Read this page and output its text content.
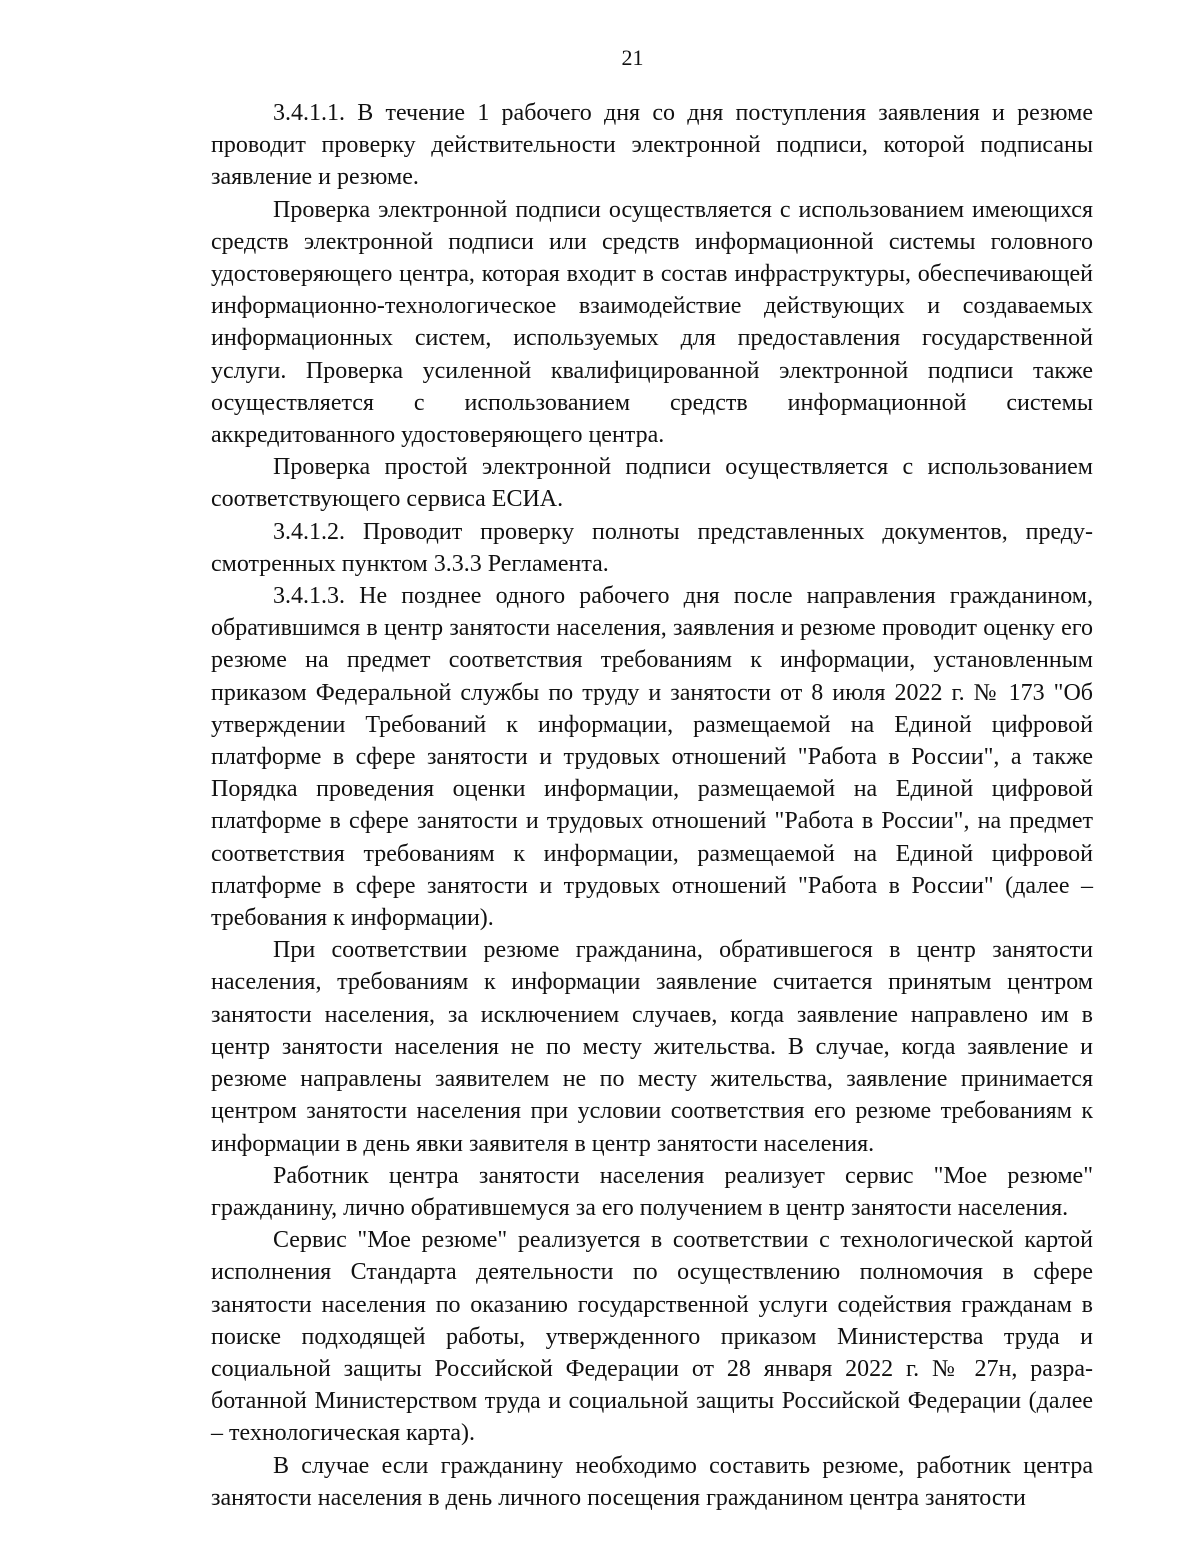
21

3.4.1.1. В течение 1 рабочего дня со дня поступления заявления и резюме проводит проверку действительности электронной подписи, которой подписаны заявление и резюме.

Проверка электронной подписи осуществляется с использованием имеющихся средств электронной подписи или средств информационной системы головного удостоверяющего центра, которая входит в состав инфраструктуры, обеспечивающей информационно-технологическое взаимодействие действующих и создаваемых информационных систем, используемых для предоставления государственной услуги. Проверка усиленной квалифицированной электронной подписи также осуществляется с использованием средств информационной системы аккредитованного удостоверяющего центра.

Проверка простой электронной подписи осуществляется с использованием соответствующего сервиса ЕСИА.

3.4.1.2. Проводит проверку полноты представленных документов, предусмотренных пунктом 3.3.3 Регламента.

3.4.1.3. Не позднее одного рабочего дня после направления гражданином, обратившимся в центр занятости населения, заявления и резюме проводит оценку его резюме на предмет соответствия требованиям к информации, установленным приказом Федеральной службы по труду и занятости от 8 июля 2022 г. № 173 "Об утверждении Требований к информации, размещаемой на Единой цифровой платформе в сфере занятости и трудовых отношений "Работа в России", а также Порядка проведения оценки информации, размещаемой на Единой цифровой платформе в сфере занятости и трудовых отношений "Работа в России", на предмет соответствия требованиям к информации, размещаемой на Единой цифровой платформе в сфере занятости и трудовых отношений "Работа в России" (далее – требования к информации).

При соответствии резюме гражданина, обратившегося в центр занятости населения, требованиям к информации заявление считается принятым центром занятости населения, за исключением случаев, когда заявление направлено им в центр занятости населения не по месту жительства. В случае, когда заявление и резюме направлены заявителем не по месту жительства, заявление принимается центром занятости населения при условии соответствия его резюме требованиям к информации в день явки заявителя в центр занятости населения.

Работник центра занятости населения реализует сервис "Мое резюме" гражданину, лично обратившемуся за его получением в центр занятости населения.

Сервис "Мое резюме" реализуется в соответствии с технологической картой исполнения Стандарта деятельности по осуществлению полномочия в сфере занятости населения по оказанию государственной услуги содействия гражданам в поиске подходящей работы, утвержденного приказом Министерства труда и социальной защиты Российской Федерации от 28 января 2022 г. № 27н, разработанной Министерством труда и социальной защиты Российской Федерации (далее – технологическая карта).

В случае если гражданину необходимо составить резюме, работник центра занятости населения в день личного посещения гражданином центра занятости
